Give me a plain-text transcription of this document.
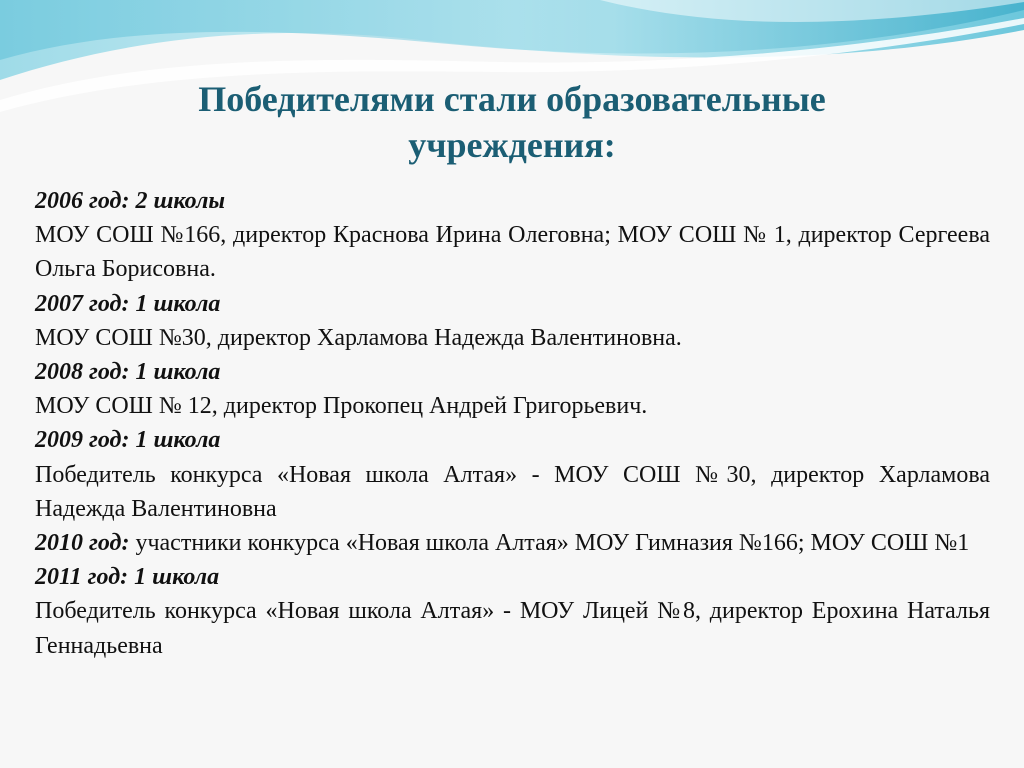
Победителями стали образовательные
учреждения:

2006 год: 2 школы

МОУ СОШ №166, директор Краснова Ирина Олеговна; МОУ СОШ № 1, директор Сергеева Ольга Борисовна.

2007 год: 1 школа

МОУ СОШ №30, директор Харламова Надежда Валентиновна.

2008 год: 1 школа

МОУ СОШ № 12, директор Прокопец Андрей Григорьевич.

2009 год: 1 школа

Победитель конкурса «Новая школа Алтая» - МОУ СОШ №30, директор Харламова Надежда Валентиновна

2010 год: участники конкурса «Новая школа Алтая» МОУ Гимназия №166; МОУ СОШ №1

2011 год: 1 школа

Победитель конкурса «Новая школа Алтая» - МОУ Лицей №8, директор Ерохина Наталья Геннадьевна
